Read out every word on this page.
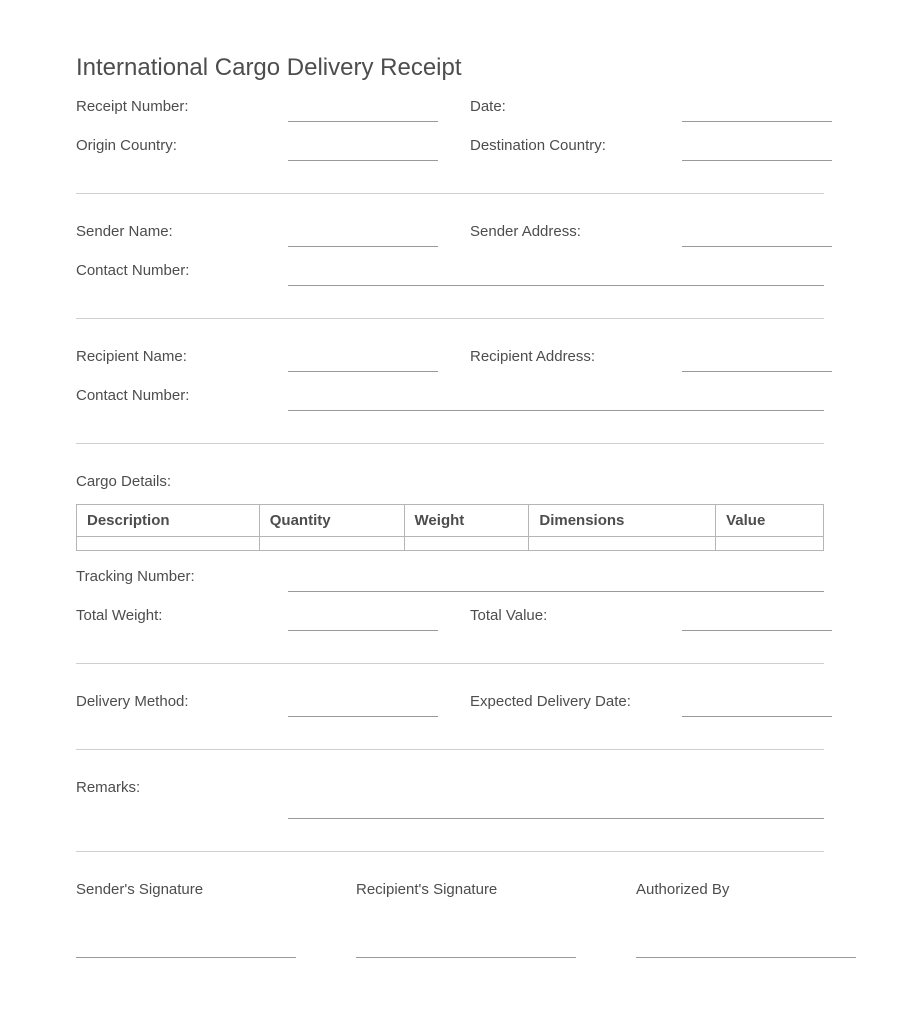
International Cargo Delivery Receipt
Receipt Number:	Date:
Origin Country:	Destination Country:
Sender Name:	Sender Address:
Contact Number:
Recipient Name:	Recipient Address:
Contact Number:
Cargo Details:
Description	Quantity	Weight	Dimensions	Value

Tracking Number:
Total Weight:	Total Value:
Delivery Method:	Expected Delivery Date:
Remarks:
Sender's Signature	Recipient's Signature	Authorized By
